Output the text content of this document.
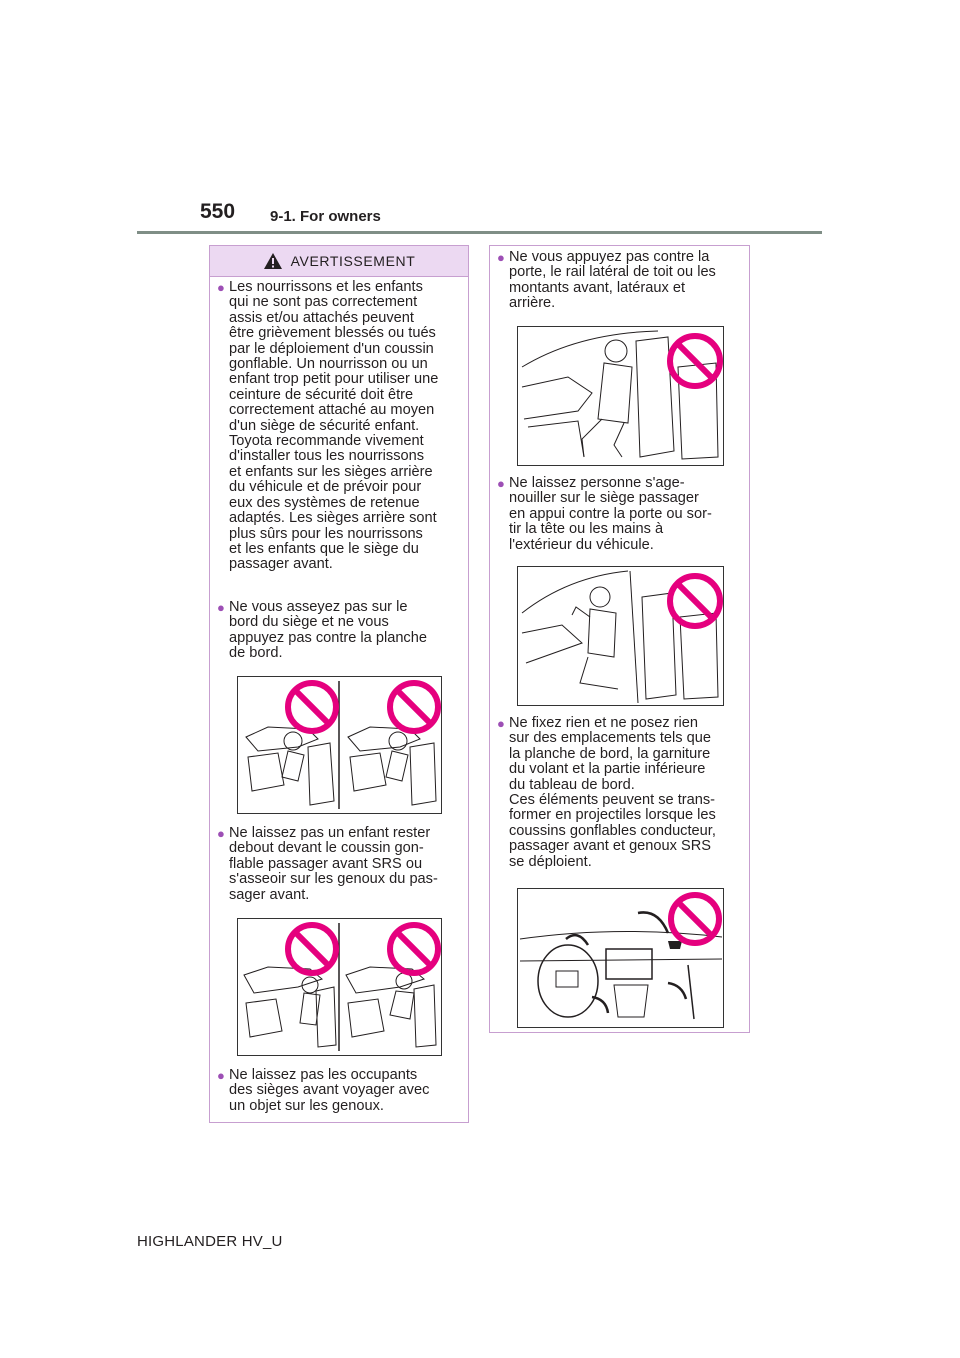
550 9-1. For owners
AVERTISSEMENT
● Les nourrissons et les enfants
qui ne sont pas correctement
assis et/ou attachés peuvent
être grièvement blessés ou tués
par le déploiement d'un coussin
gonflable. Un nourrisson ou un
enfant trop petit pour utiliser une
ceinture de sécurité doit être
correctement attaché au moyen
d'un siège de sécurité enfant.
Toyota recommande vivement
d'installer tous les nourrissons
et enfants sur les sièges arrière
du véhicule et de prévoir pour
eux des systèmes de retenue
adaptés. Les sièges arrière sont
plus sûrs pour les nourrissons
et les enfants que le siège du
passager avant.
● Ne vous asseyez pas sur le
bord du siège et ne vous
appuyez pas contre la planche
de bord.
● Ne laissez pas un enfant rester
debout devant le coussin gon-
flable passager avant SRS ou
s'asseoir sur les genoux du pas-
sager avant.
● Ne laissez pas les occupants
des sièges avant voyager avec
un objet sur les genoux.
● Ne vous appuyez pas contre la
porte, le rail latéral de toit ou les
montants avant, latéraux et
arrière.
● Ne laissez personne s'age-
nouiller sur le siège passager
en appui contre la porte ou sor-
tir la tête ou les mains à
l'extérieur du véhicule.
● Ne fixez rien et ne posez rien
sur des emplacements tels que
la planche de bord, la garniture
du volant et la partie inférieure
du tableau de bord.
Ces éléments peuvent se trans-
former en projectiles lorsque les
coussins gonflables conducteur,
passager avant et genoux SRS
se déploient.
HIGHLANDER HV_U
